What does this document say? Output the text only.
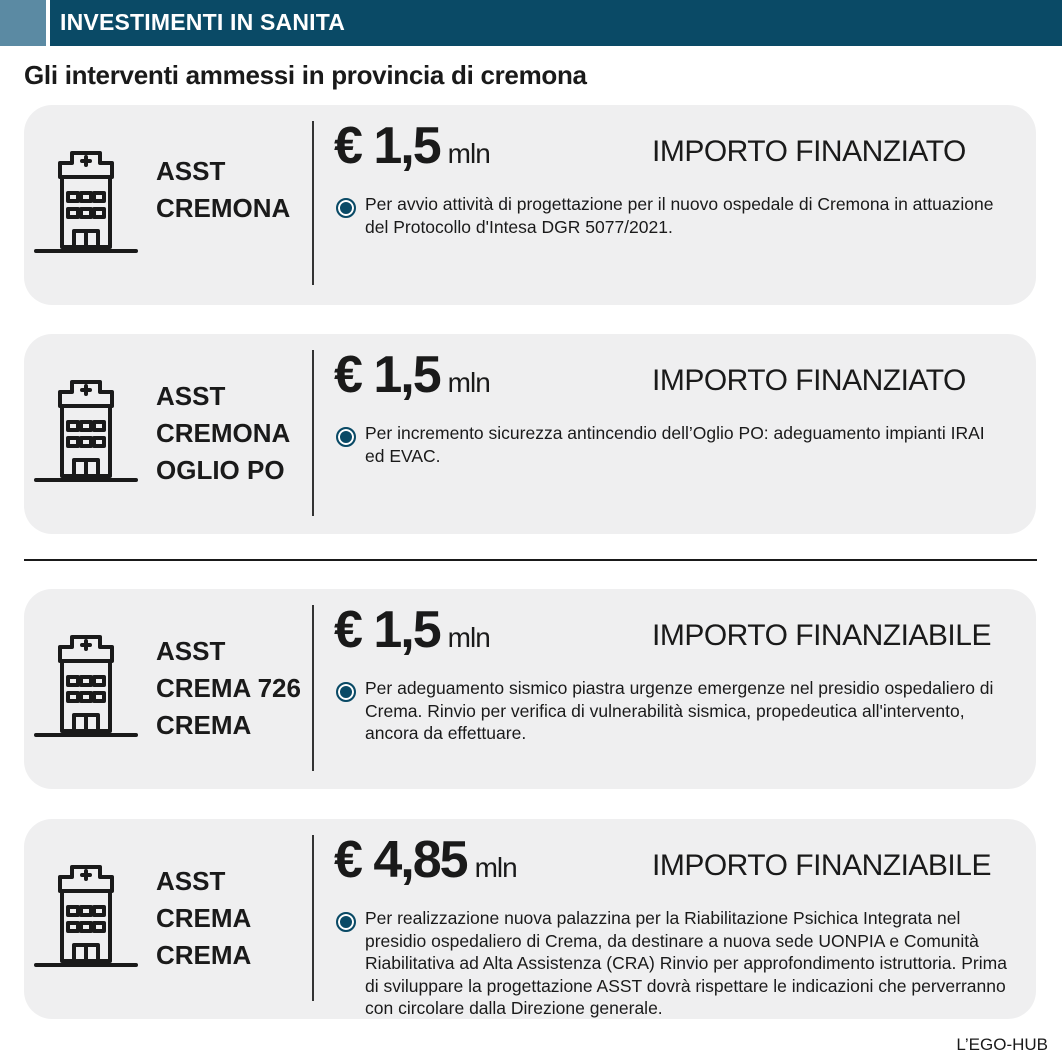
INVESTIMENTI IN SANITA
Gli interventi ammessi in provincia di cremona
ASST
CREMONA
€ 1,5 mln	IMPORTO FINANZIATO
Per avvio attività di progettazione per il nuovo ospedale di Cremona in attuazione del Protocollo d'Intesa DGR 5077/2021.
ASST
CREMONA
OGLIO PO
€ 1,5 mln	IMPORTO FINANZIATO
Per incremento sicurezza antincendio dell’Oglio PO: adeguamento impianti IRAI ed EVAC.
ASST
CREMA 726
CREMA
€ 1,5 mln	IMPORTO FINANZIABILE
Per adeguamento sismico piastra urgenze emergenze nel presidio ospedaliero di Crema. Rinvio per verifica di vulnerabilità sismica, propedeutica all'intervento, ancora da effettuare.
ASST
CREMA
CREMA
€ 4,85 mln	IMPORTO FINANZIABILE
Per realizzazione nuova palazzina per la Riabilitazione Psichica Integrata nel presidio ospedaliero di Crema, da destinare a nuova sede UONPIA e Comunità Riabilitativa ad Alta Assistenza (CRA) Rinvio per approfondimento istruttoria. Prima di sviluppare la progettazione ASST dovrà rispettare le indicazioni che perverranno con circolare dalla Direzione generale.
L’EGO-HUB
